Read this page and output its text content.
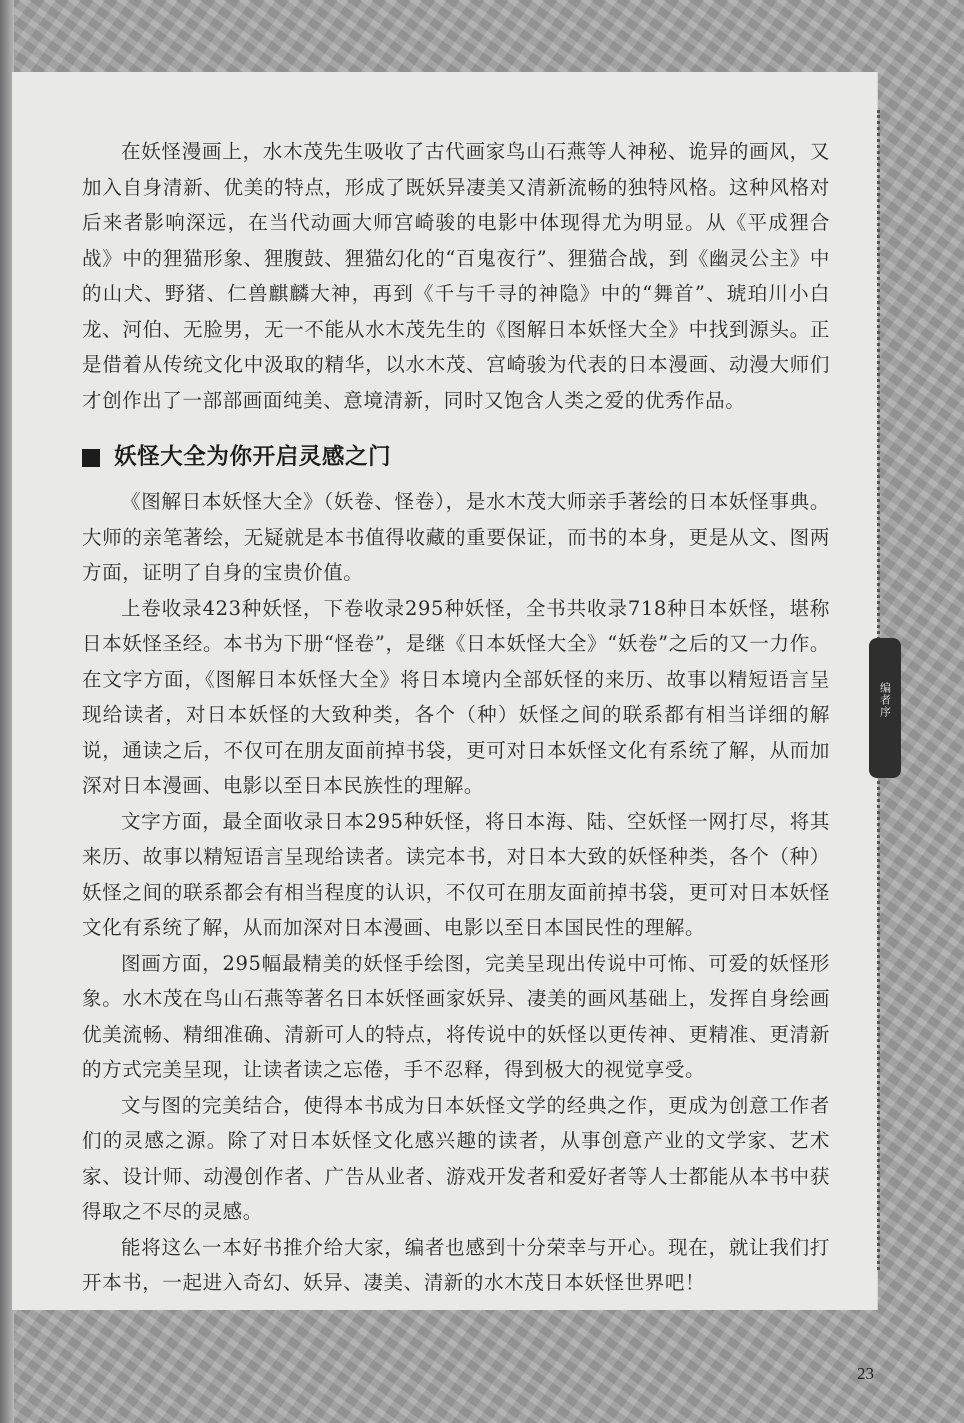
在妖怪漫画上，水木茂先生吸收了古代画家鸟山石燕等人神秘、诡异的画风，又加入自身清新、优美的特点，形成了既妖异凄美又清新流畅的独特风格。这种风格对后来者影响深远，在当代动画大师宫崎骏的电影中体现得尤为明显。从《平成狸合战》中的狸猫形象、狸腹鼓、狸猫幻化的“百鬼夜行”、狸猫合战，到《幽灵公主》中的山犬、野猪、仁兽麒麟大神，再到《千与千寻的神隐》中的“舞首”、琥珀川小白龙、河伯、无脸男，无一不能从水木茂先生的《图解日本妖怪大全》中找到源头。正是借着从传统文化中汲取的精华，以水木茂、宫崎骏为代表的日本漫画、动漫大师们才创作出了一部部画面纯美、意境清新，同时又饱含人类之爱的优秀作品。

妖怪大全为你开启灵感之门

《图解日本妖怪大全》（妖卷、怪卷），是水木茂大师亲手著绘的日本妖怪事典。大师的亲笔著绘，无疑就是本书值得收藏的重要保证，而书的本身，更是从文、图两方面，证明了自身的宝贵价值。

上卷收录423种妖怪，下卷收录295种妖怪，全书共收录718种日本妖怪，堪称日本妖怪圣经。本书为下册“怪卷”，是继《日本妖怪大全》“妖卷”之后的又一力作。在文字方面，《图解日本妖怪大全》将日本境内全部妖怪的来历、故事以精短语言呈现给读者，对日本妖怪的大致种类，各个（种）妖怪之间的联系都有相当详细的解说，通读之后，不仅可在朋友面前掉书袋，更可对日本妖怪文化有系统了解，从而加深对日本漫画、电影以至日本民族性的理解。

文字方面，最全面收录日本295种妖怪，将日本海、陆、空妖怪一网打尽，将其来历、故事以精短语言呈现给读者。读完本书，对日本大致的妖怪种类，各个（种）妖怪之间的联系都会有相当程度的认识，不仅可在朋友面前掉书袋，更可对日本妖怪文化有系统了解，从而加深对日本漫画、电影以至日本国民性的理解。

图画方面，295幅最精美的妖怪手绘图，完美呈现出传说中可怖、可爱的妖怪形象。水木茂在鸟山石燕等著名日本妖怪画家妖异、凄美的画风基础上，发挥自身绘画优美流畅、精细准确、清新可人的特点，将传说中的妖怪以更传神、更精准、更清新的方式完美呈现，让读者读之忘倦，手不忍释，得到极大的视觉享受。

文与图的完美结合，使得本书成为日本妖怪文学的经典之作，更成为创意工作者们的灵感之源。除了对日本妖怪文化感兴趣的读者，从事创意产业的文学家、艺术家、设计师、动漫创作者、广告从业者、游戏开发者和爱好者等人士都能从本书中获得取之不尽的灵感。

能将这么一本好书推介给大家，编者也感到十分荣幸与开心。现在，就让我们打开本书，一起进入奇幻、妖异、凄美、清新的水木茂日本妖怪世界吧！

编者序
23
